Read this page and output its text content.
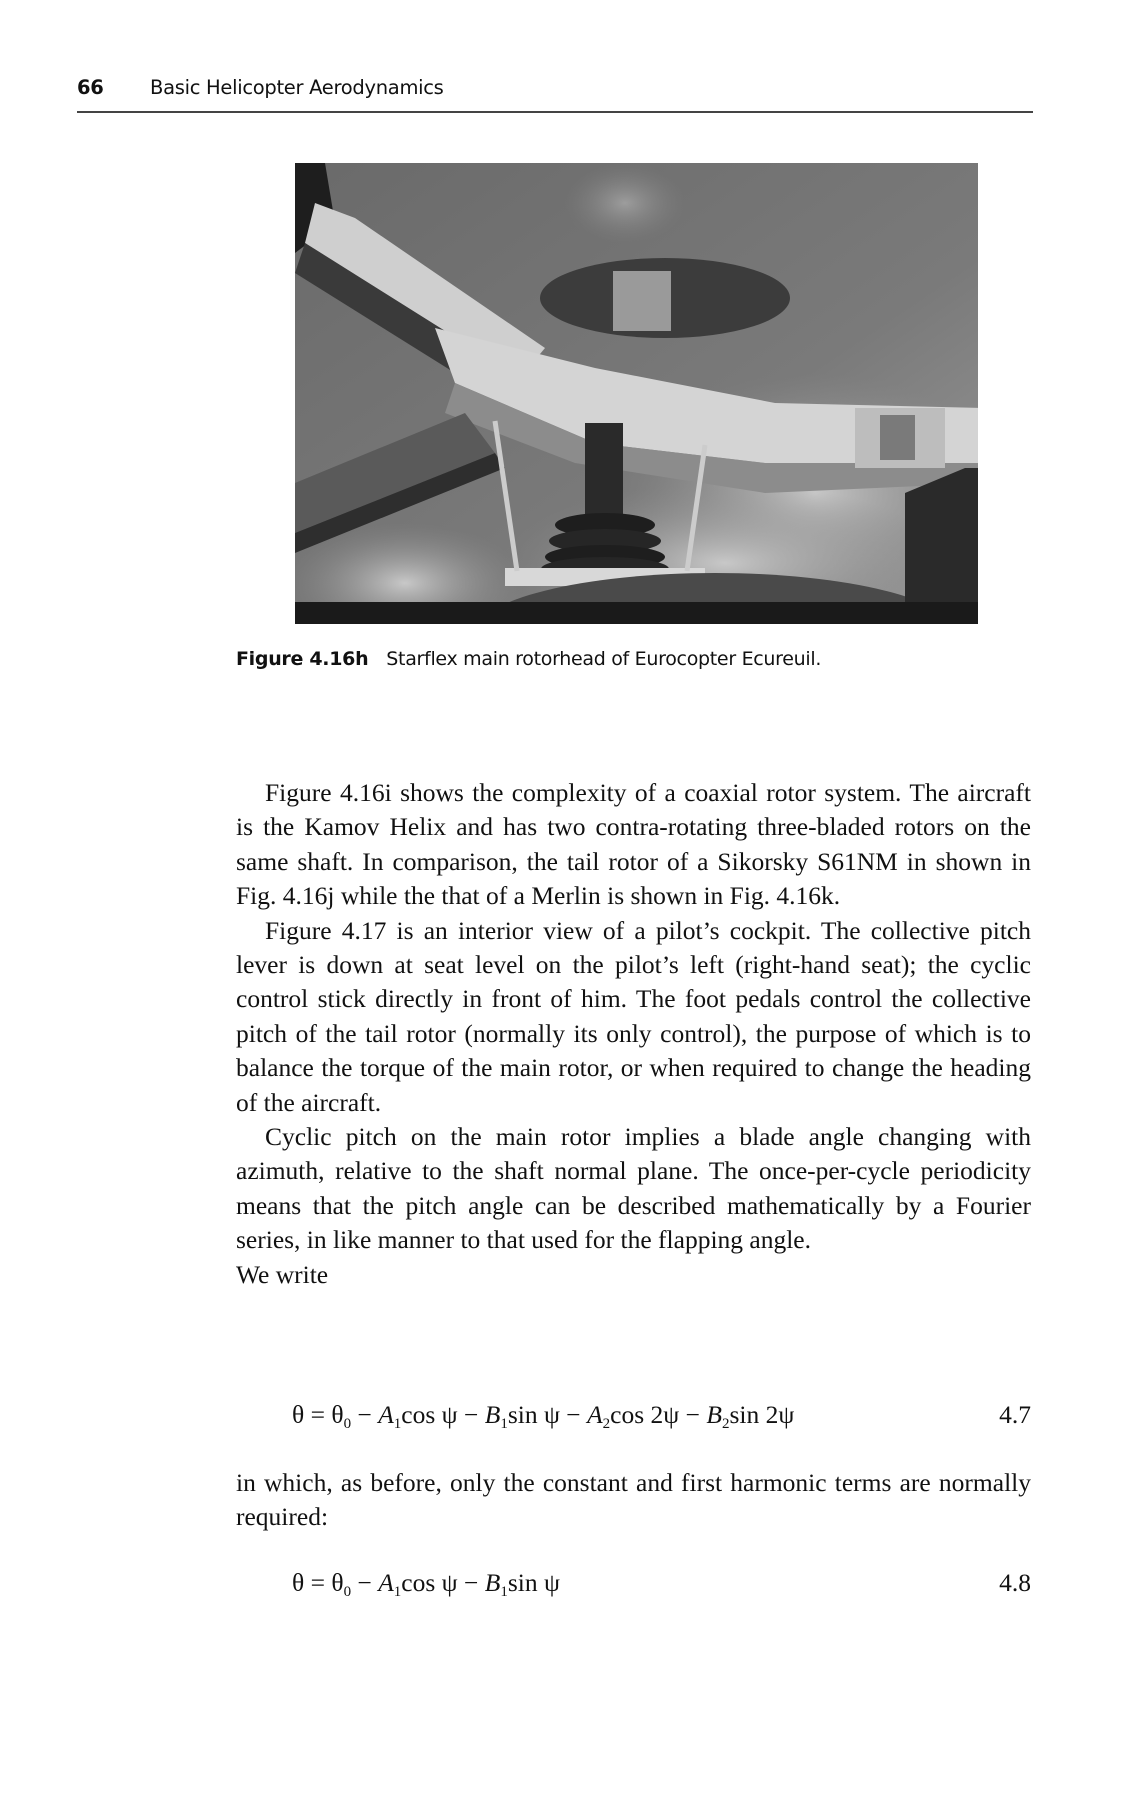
66 Basic Helicopter Aerodynamics
Figure 4.16h Starflex main rotorhead of Eurocopter Ecureuil.

Figure 4.16i shows the complexity of a coaxial rotor system. The aircraft is the Kamov Helix and has two contra-rotating three-bladed rotors on the same shaft. In comparison, the tail rotor of a Sikorsky S61NM in shown in Fig. 4.16j while the that of a Merlin is shown in Fig. 4.16k.

Figure 4.17 is an interior view of a pilot’s cockpit. The collective pitch lever is down at seat level on the pilot’s left (right-hand seat); the cyclic control stick directly in front of him. The foot pedals control the collective pitch of the tail rotor (normally its only control), the purpose of which is to balance the torque of the main rotor, or when required to change the heading of the aircraft.

Cyclic pitch on the main rotor implies a blade angle changing with azimuth, relative to the shaft normal plane. The once-per-cycle periodicity means that the pitch angle can be described mathematically by a Fourier series, in like manner to that used for the flapping angle.

We write

$\theta = \theta_0 - A_1\cos$ $\psi - B_1\sin$ $\psi - A_2\cos$ $2\psi - B_2\sin$ 2ψ	4.7

in which, as before, only the constant and first harmonic terms are normally required:

$\theta = \theta_0 - A_1\cos$ $\psi - B_1\sin$ ψ	4.8
